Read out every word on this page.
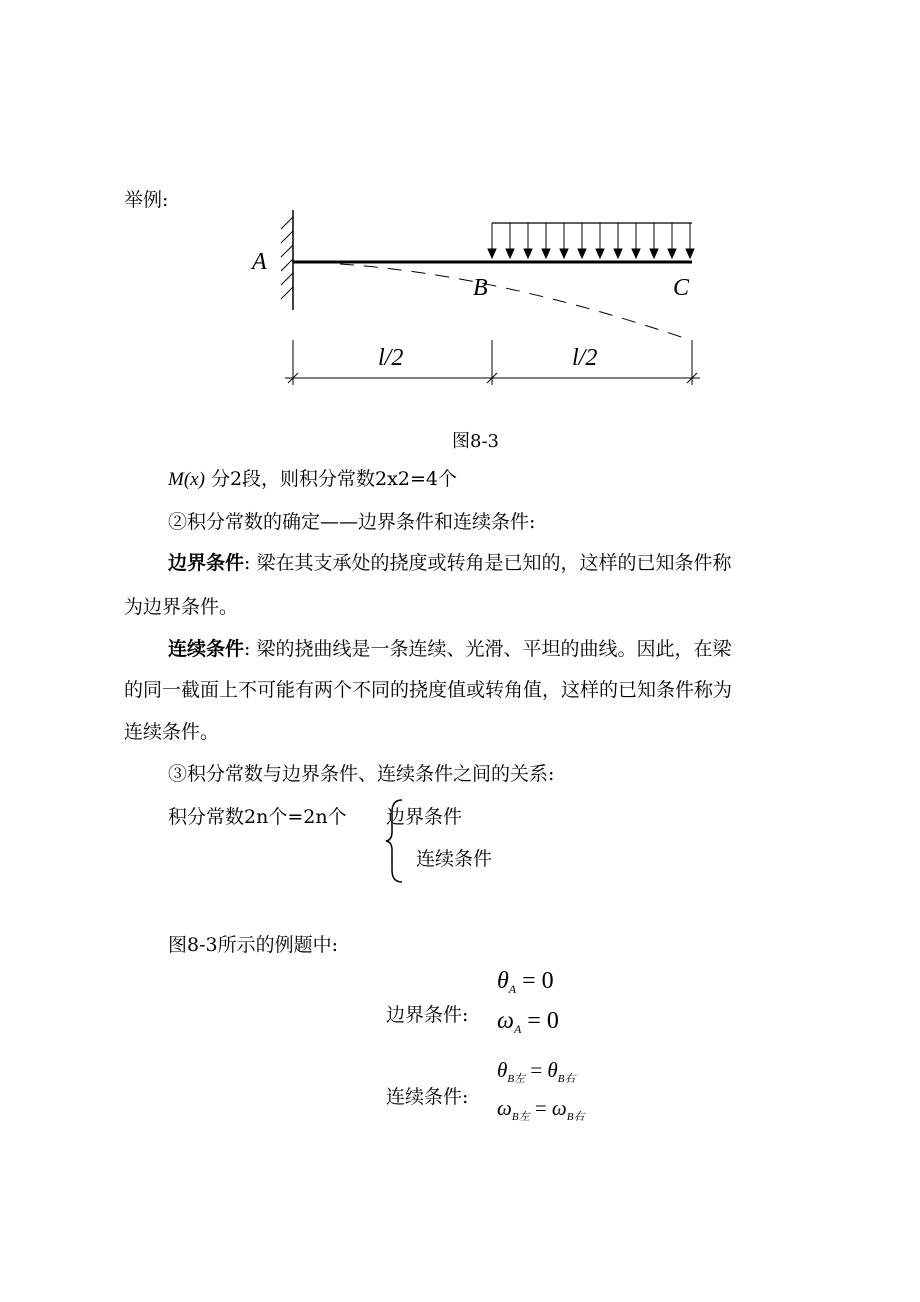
举例:
A
B	C
l/2	l/2
图8-3
M(x) 分2段，则积分常数2x2=4个
②积分常数的确定——边界条件和连续条件:
边界条件: 梁在其支承处的挠度或转角是已知的，这样的已知条件称
为边界条件。
连续条件: 梁的挠曲线是一条连续、光滑、平坦的曲线。因此，在梁
的同一截面上不可能有两个不同的挠度值或转角值，这样的已知条件称为
连续条件。
③积分常数与边界条件、连续条件之间的关系:
积分常数2n个=2n个 边界条件
连续条件
图8-3所示的例题中:
边界条件:
$\theta_A = 0$
$\omega_A = 0$
连续条件:
$\theta_{B左} = \theta_{B右}$
$\omega_{B左} = \omega_{B右}$
